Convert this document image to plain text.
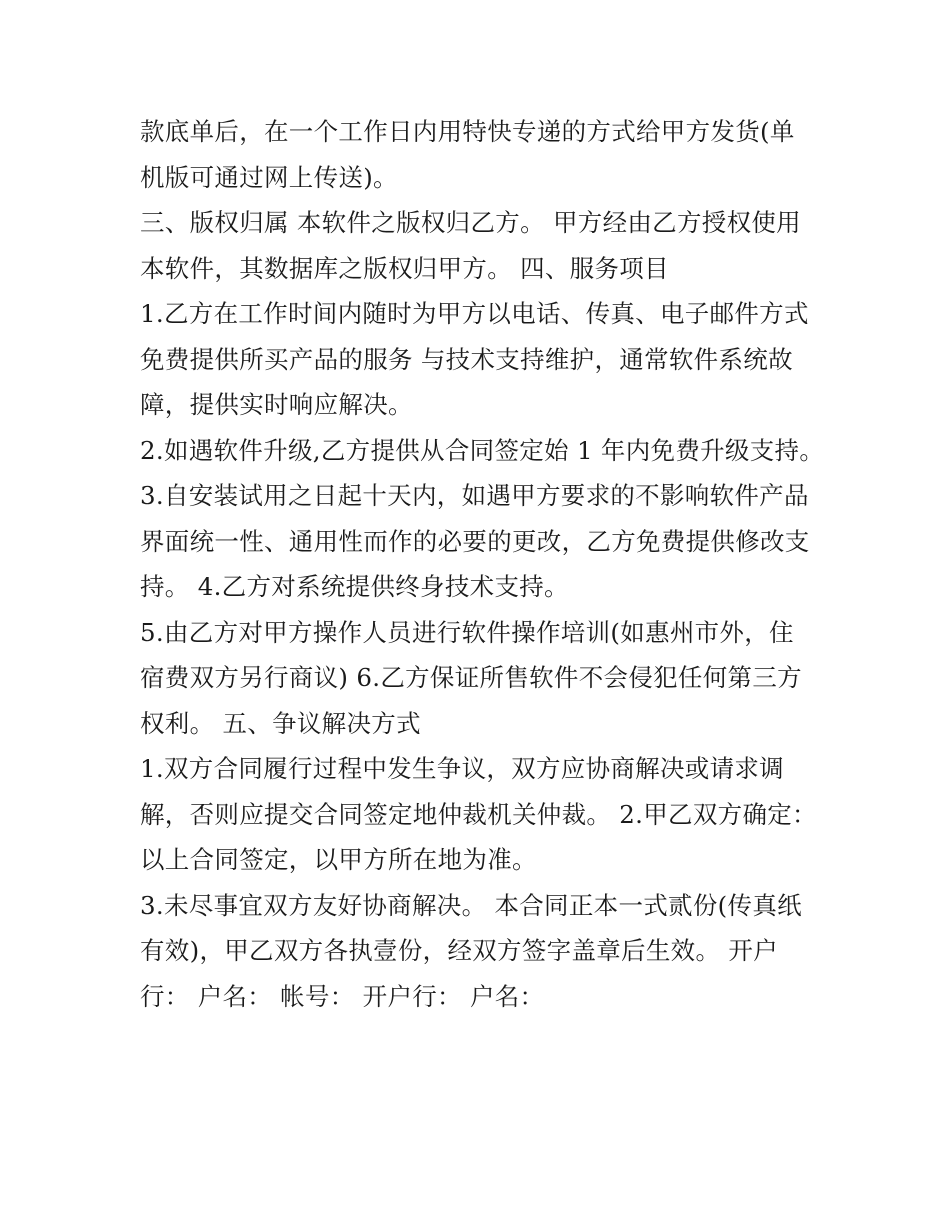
款底单后，在一个工作日内用特快专递的方式给甲方发货(单
机版可通过网上传送)。
三、版权归属 本软件之版权归乙方。 甲方经由乙方授权使用
本软件，其数据库之版权归甲方。 四、服务项目
1.乙方在工作时间内随时为甲方以电话、传真、电子邮件方式
免费提供所买产品的服务 与技术支持维护，通常软件系统故
障，提供实时响应解决。
2.如遇软件升级,乙方提供从合同签定始 1 年内免费升级支持。
3.自安装试用之日起十天内，如遇甲方要求的不影响软件产品
界面统一性、通用性而作的必要的更改，乙方免费提供修改支
持。 4.乙方对系统提供终身技术支持。
5.由乙方对甲方操作人员进行软件操作培训(如惠州市外，住
宿费双方另行商议) 6.乙方保证所售软件不会侵犯任何第三方
权利。 五、争议解决方式
1.双方合同履行过程中发生争议，双方应协商解决或请求调
解，否则应提交合同签定地仲裁机关仲裁。 2.甲乙双方确定：
以上合同签定，以甲方所在地为准。
3.未尽事宜双方友好协商解决。 本合同正本一式贰份(传真纸
有效)，甲乙双方各执壹份，经双方签字盖章后生效。 开户
行： 户名： 帐号： 开户行： 户名：
